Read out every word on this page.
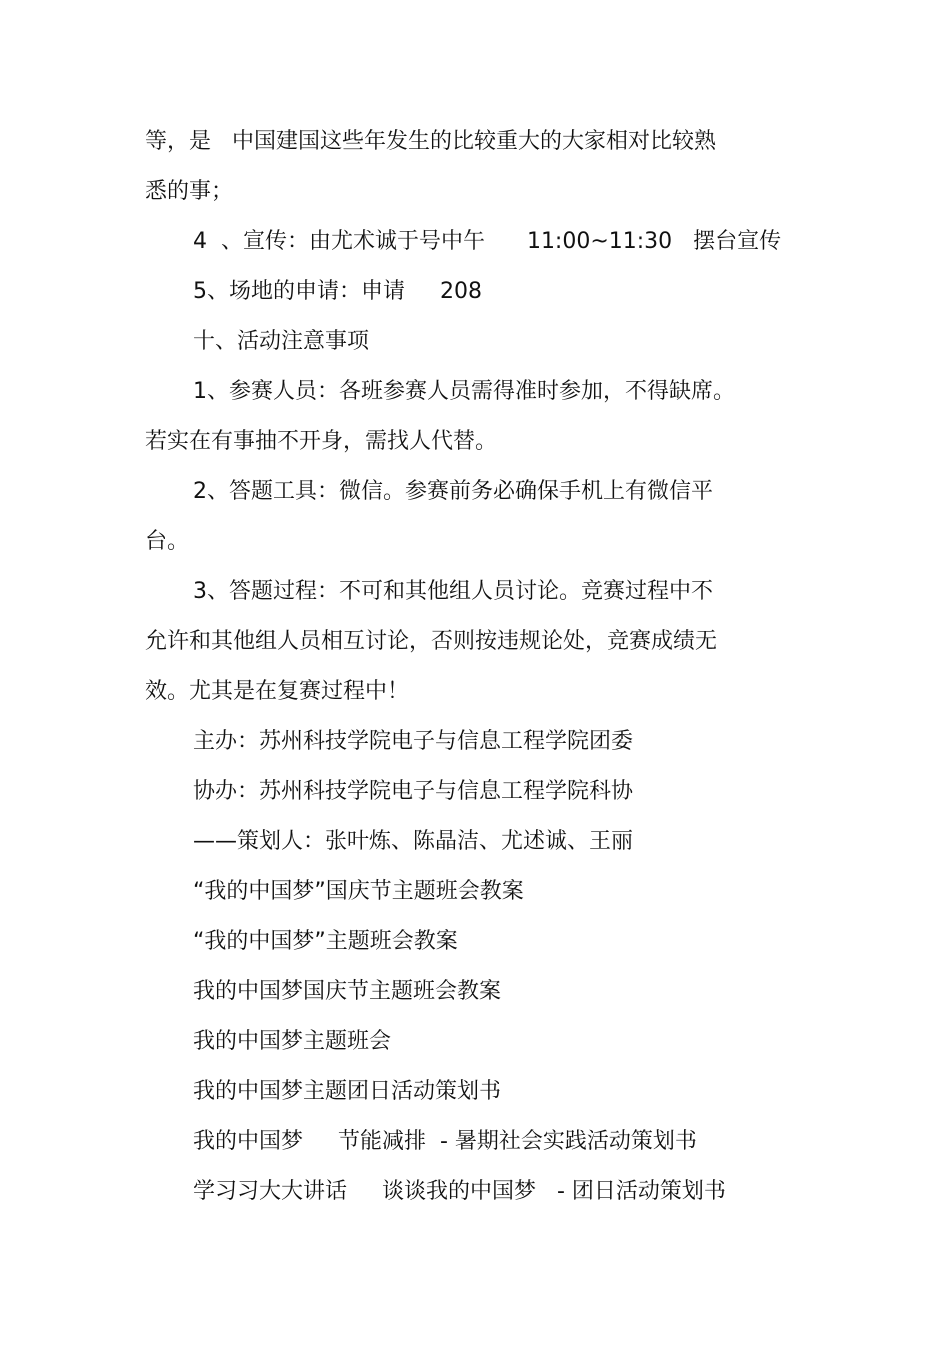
等，是   中国建国这些年发生的比较重大的大家相对比较熟

悉的事；

4  、宣传：由尤术诚于号中午      11:00~11:30   摆台宣传

5、场地的申请：申请     208

十、活动注意事项

1、参赛人员：各班参赛人员需得准时参加，不得缺席。

若实在有事抽不开身，需找人代替。

2、答题工具：微信。参赛前务必确保手机上有微信平

台。

3、答题过程：不可和其他组人员讨论。竞赛过程中不

允许和其他组人员相互讨论，否则按违规论处，竞赛成绩无

效。尤其是在复赛过程中！

主办：苏州科技学院电子与信息工程学院团委

协办：苏州科技学院电子与信息工程学院科协

——策划人：张叶炼、陈晶洁、尤述诚、王丽

“我的中国梦”国庆节主题班会教案

“我的中国梦”主题班会教案

我的中国梦国庆节主题班会教案

我的中国梦主题班会

我的中国梦主题团日活动策划书

我的中国梦     节能减排  - 暑期社会实践活动策划书

学习习大大讲话     谈谈我的中国梦   - 团日活动策划书
